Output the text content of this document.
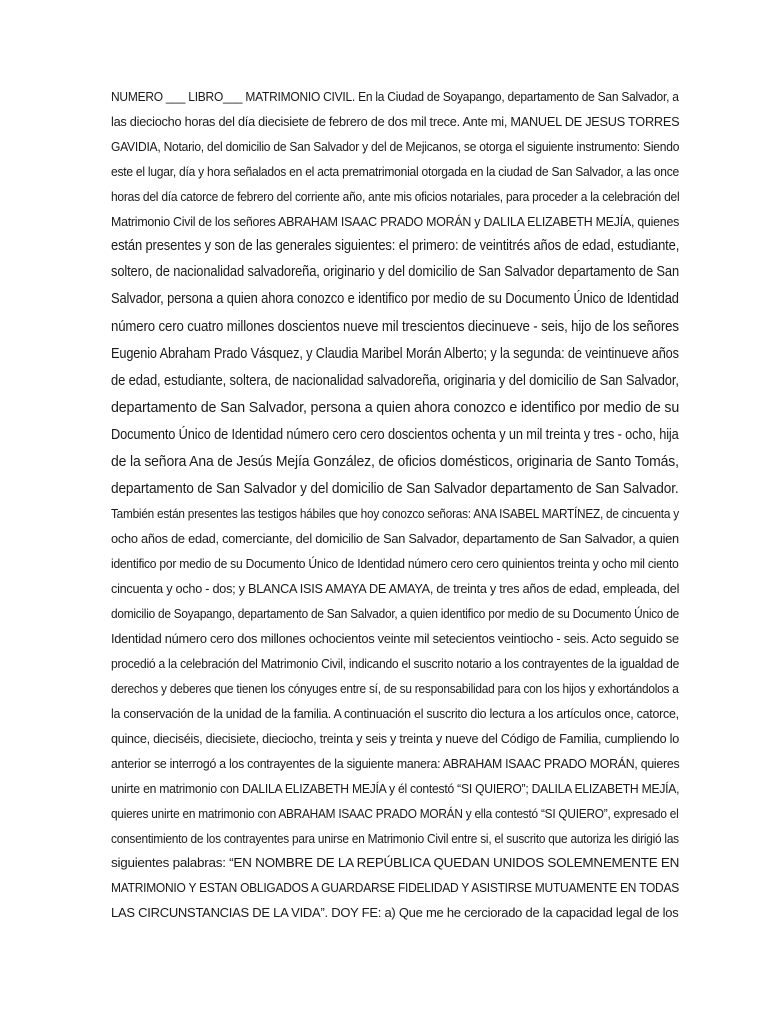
NUMERO ___ LIBRO___ MATRIMONIO CIVIL. En la Ciudad de Soyapango, departamento de San Salvador, a
las dieciocho horas del día diecisiete de febrero de dos mil trece. Ante mi, MANUEL DE JESUS TORRES
GAVIDIA, Notario, del domicilio de San Salvador y del de Mejicanos, se otorga el siguiente instrumento: Siendo
este el lugar, día y hora señalados en el acta prematrimonial otorgada en la ciudad de San Salvador, a las once
horas del día catorce de febrero del corriente año, ante mis oficios notariales, para proceder a la celebración del
Matrimonio Civil de los señores ABRAHAM ISAAC PRADO MORÁN y DALILA ELIZABETH MEJÍA, quienes
están presentes y son de las generales siguientes: el primero: de veintitrés años de edad, estudiante,
soltero, de nacionalidad salvadoreña, originario y del domicilio de San Salvador departamento de San
Salvador, persona a quien ahora conozco e identifico por medio de su Documento Único de Identidad
número cero cuatro millones doscientos nueve mil trescientos diecinueve - seis, hijo de los señores
Eugenio Abraham Prado Vásquez, y Claudia Maribel Morán Alberto; y la segunda: de veintinueve años
de edad, estudiante, soltera, de nacionalidad salvadoreña, originaria y del domicilio de San Salvador,
departamento de San Salvador, persona a quien ahora conozco e identifico por medio de su
Documento Único de Identidad número cero cero doscientos ochenta y un mil treinta y tres - ocho, hija
de la señora Ana de Jesús Mejía González, de oficios domésticos, originaria de Santo Tomás,
departamento de San Salvador y del domicilio de San Salvador departamento de San Salvador.
También están presentes las testigos hábiles que hoy conozco señoras: ANA ISABEL MARTÍNEZ, de cincuenta y
ocho años de edad, comerciante, del domicilio de San Salvador, departamento de San Salvador, a quien
identifico por medio de su Documento Único de Identidad número cero cero quinientos treinta y ocho mil ciento
cincuenta y ocho - dos; y BLANCA ISIS AMAYA DE AMAYA, de treinta y tres años de edad, empleada, del
domicilio de Soyapango, departamento de San Salvador, a quien identifico por medio de su Documento Único de
Identidad número cero dos millones ochocientos veinte mil setecientos veintiocho - seis. Acto seguido se
procedió a la celebración del Matrimonio Civil, indicando el suscrito notario a los contrayentes de la igualdad de
derechos y deberes que tienen los cónyuges entre sí, de su responsabilidad para con los hijos y exhortándolos a
la conservación de la unidad de la familia. A continuación el suscrito dio lectura a los artículos once, catorce,
quince, dieciséis, diecisiete, dieciocho, treinta y seis y treinta y nueve del Código de Familia, cumpliendo lo
anterior se interrogó a los contrayentes de la siguiente manera: ABRAHAM ISAAC PRADO MORÁN, quieres
unirte en matrimonio con DALILA ELIZABETH MEJÍA y él contestó “SI QUIERO”; DALILA ELIZABETH MEJÍA,
quieres unirte en matrimonio con ABRAHAM ISAAC PRADO MORÁN y ella contestó “SI QUIERO”, expresado el
consentimiento de los contrayentes para unirse en Matrimonio Civil entre si, el suscrito que autoriza les dirigió las
siguientes palabras: “EN NOMBRE DE LA REPÚBLICA QUEDAN UNIDOS SOLEMNEMENTE EN
MATRIMONIO Y ESTAN OBLIGADOS A GUARDARSE FIDELIDAD Y ASISTIRSE MUTUAMENTE EN TODAS
LAS CIRCUNSTANCIAS DE LA VIDA”. DOY FE: a) Que me he cerciorado de la capacidad legal de los
